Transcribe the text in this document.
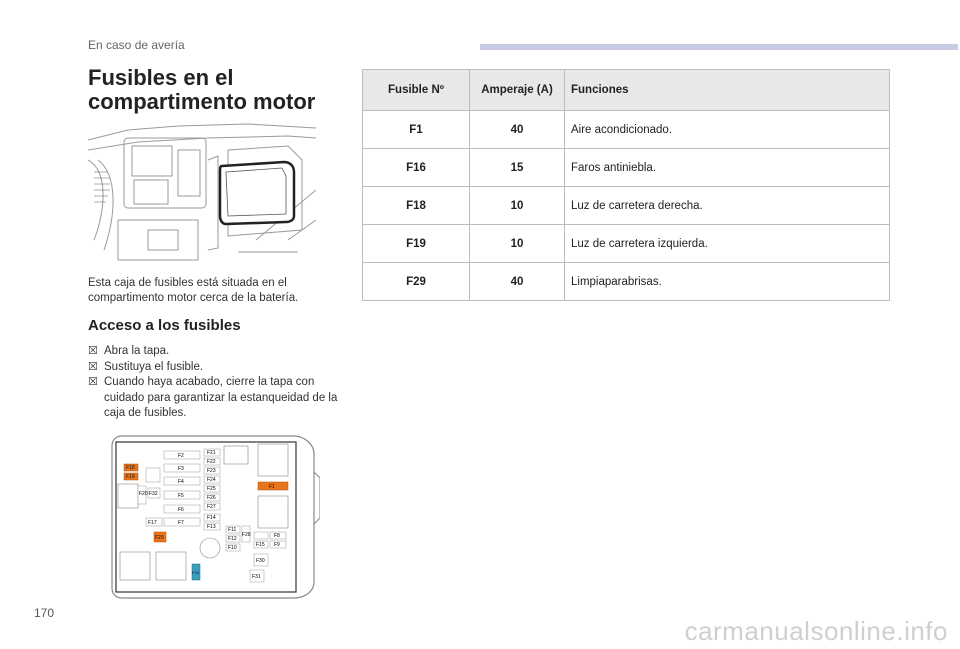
En caso de avería
Fusibles en el compartimento motor
Esta caja de fusibles está situada en el compartimento motor cerca de la batería.
Acceso a los fusibles
☒ Abra la tapa.
☒ Sustituya el fusible.
☒ Cuando haya acabado, cierre la tapa con cuidado para garantizar la estanqueidad de la caja de fusibles.
F2
F3
F4
F5
F6
F7
F17
F20 F32
F21
F22
F23
F24
F25
F26
F27
F14
F13 F11
F12
F10
F28	F8
F9
F15
F30
F31
F1
F18
F19
F29
F16
Fusible Nº	Amperaje (A)	Funciones
F1	40	Aire acondicionado.
F16	15	Faros antiniebla.
F18	10	Luz de carretera derecha.
F19	10	Luz de carretera izquierda.
F29	40	Limpiaparabrisas.
170
carmanualsonline.info
